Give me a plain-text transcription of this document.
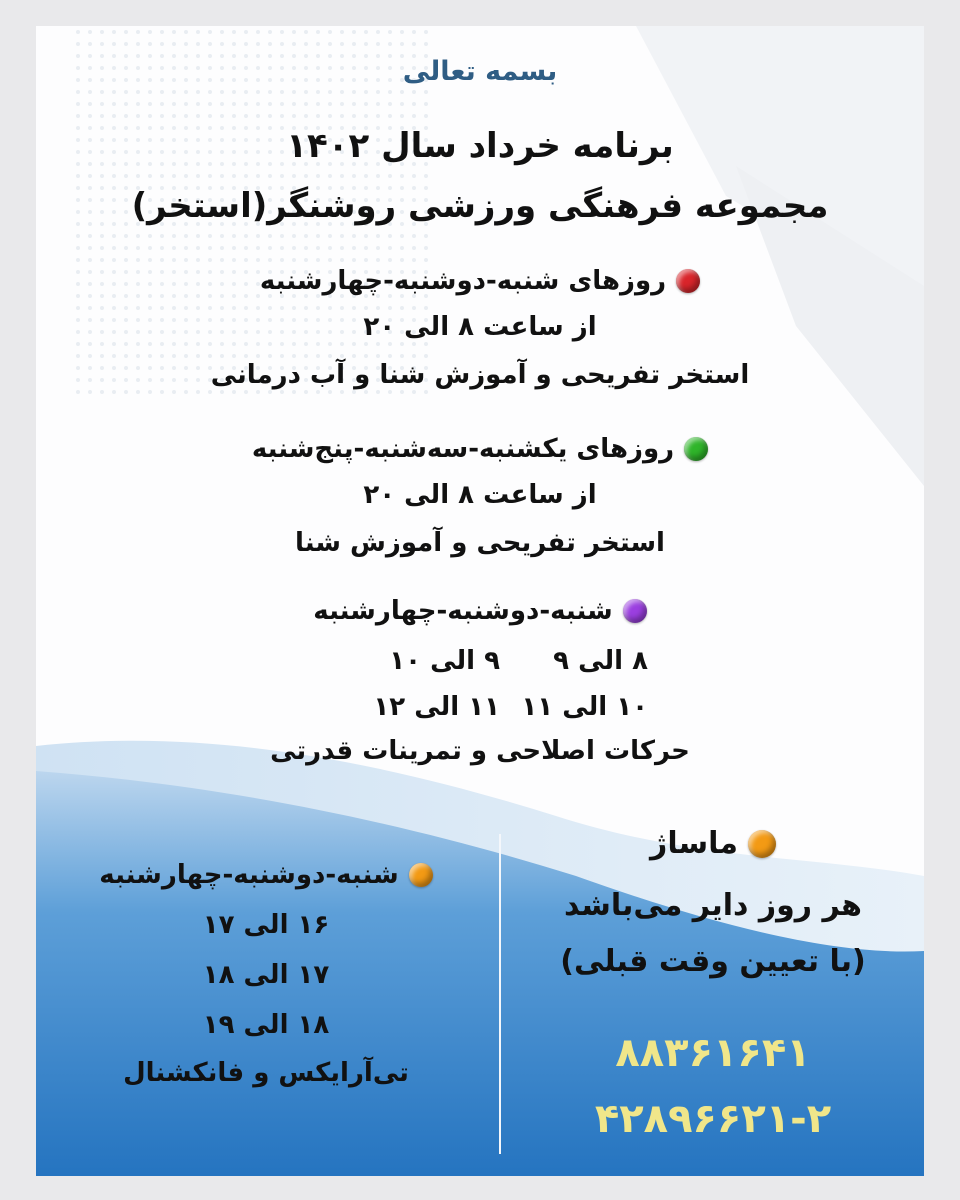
بسمه تعالی
برنامه خرداد سال ۱۴۰۲
مجموعه فرهنگی ورزشی روشنگر(استخر)
روزهای شنبه-دوشنبه-چهارشنبه
از ساعت ۸ الی ۲۰
استخر تفریحی و آموزش شنا و آب درمانی
روزهای یکشنبه-سه‌شنبه-پنج‌شنبه
از ساعت ۸ الی ۲۰
استخر تفریحی و آموزش شنا
شنبه-دوشنبه-چهارشنبه
۸ الی ۹
۹ الی ۱۰
۱۰ الی ۱۱
۱۱ الی ۱۲
حرکات اصلاحی و تمرینات قدرتی
ماساژ
هر روز دایر می‌باشد
(با تعیین وقت قبلی)
۸۸۳۶۱۶۴۱
۴۲۸۹۶۶۲۱-۲
شنبه-دوشنبه-چهارشنبه
۱۶ الی ۱۷
۱۷ الی ۱۸
۱۸ الی ۱۹
تی‌آرایکس و فانکشنال
